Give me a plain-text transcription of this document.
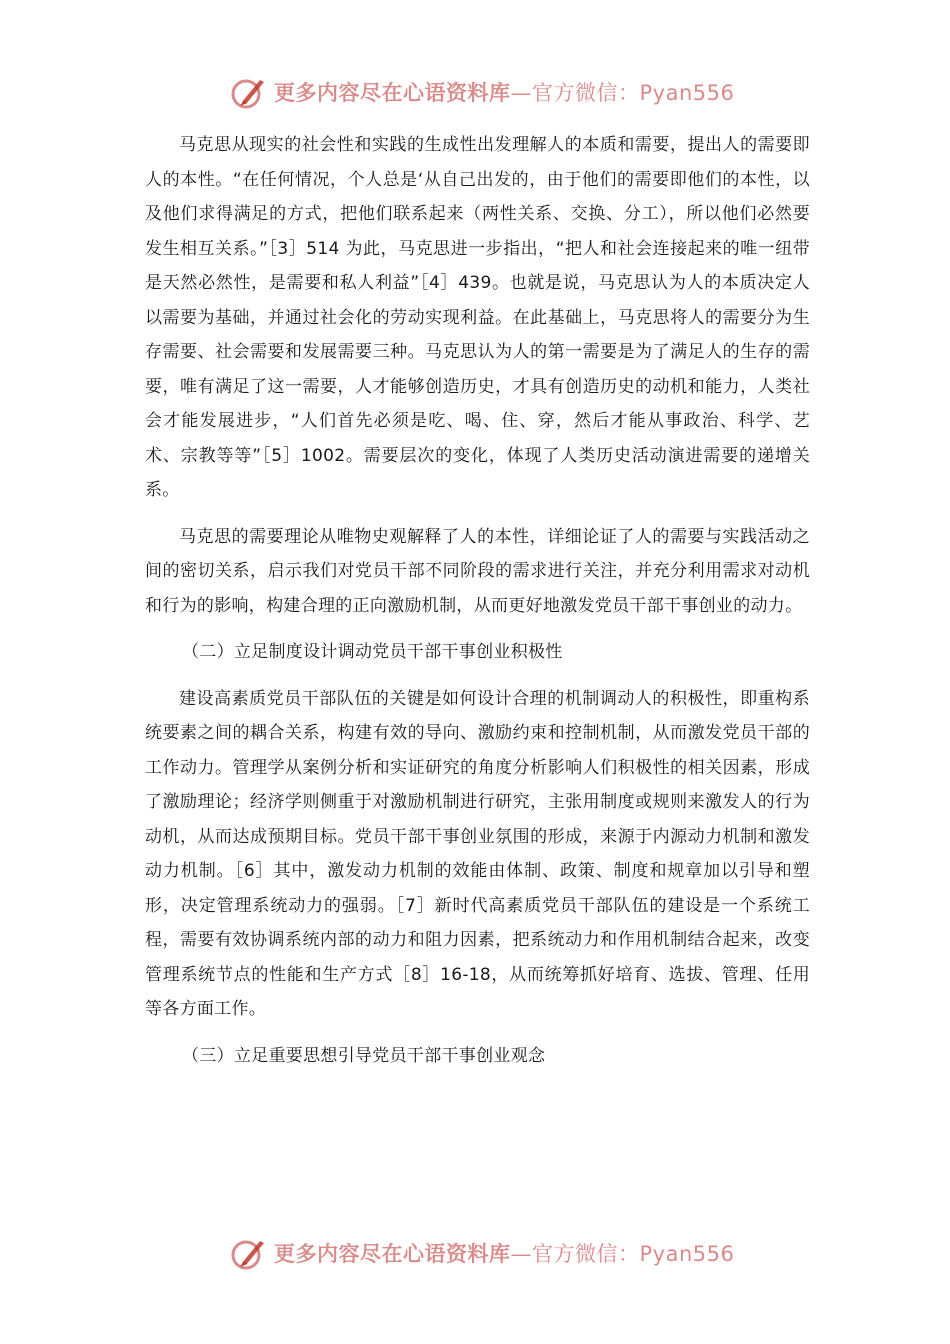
更多内容尽在心语资料库 —官方微信：Pyan556

马克思从现实的社会性和实践的生成性出发理解人的本质和需要，提出人的需要即人的本性。“在任何情况，个人总是‘从自己出发的，由于他们的需要即他们的本性，以及他们求得满足的方式，把他们联系起来（两性关系、交换、分工），所以他们必然要发生相互关系。”［3］514 为此，马克思进一步指出，“把人和社会连接起来的唯一纽带是天然必然性，是需要和私人利益”［4］439。也就是说，马克思认为人的本质决定人以需要为基础，并通过社会化的劳动实现利益。在此基础上，马克思将人的需要分为生存需要、社会需要和发展需要三种。马克思认为人的第一需要是为了满足人的生存的需要，唯有满足了这一需要，人才能够创造历史，才具有创造历史的动机和能力，人类社会才能发展进步，“人们首先必须是吃、喝、住、穿，然后才能从事政治、科学、艺术、宗教等等”［5］1002。需要层次的变化，体现了人类历史活动演进需要的递增关系。

马克思的需要理论从唯物史观解释了人的本性，详细论证了人的需要与实践活动之间的密切关系，启示我们对党员干部不同阶段的需求进行关注，并充分利用需求对动机和行为的影响，构建合理的正向激励机制，从而更好地激发党员干部干事创业的动力。

（二）立足制度设计调动党员干部干事创业积极性

建设高素质党员干部队伍的关键是如何设计合理的机制调动人的积极性，即重构系统要素之间的耦合关系，构建有效的导向、激励约束和控制机制，从而激发党员干部的工作动力。管理学从案例分析和实证研究的角度分析影响人们积极性的相关因素，形成了激励理论；经济学则侧重于对激励机制进行研究，主张用制度或规则来激发人的行为动机，从而达成预期目标。党员干部干事创业氛围的形成，来源于内源动力机制和激发动力机制。［6］其中，激发动力机制的效能由体制、政策、制度和规章加以引导和塑形，决定管理系统动力的强弱。［7］新时代高素质党员干部队伍的建设是一个系统工程，需要有效协调系统内部的动力和阻力因素，把系统动力和作用机制结合起来，改变管理系统节点的性能和生产方式［8］16-18，从而统筹抓好培育、选拔、管理、任用等各方面工作。

（三）立足重要思想引导党员干部干事创业观念

更多内容尽在心语资料库 —官方微信：Pyan556
